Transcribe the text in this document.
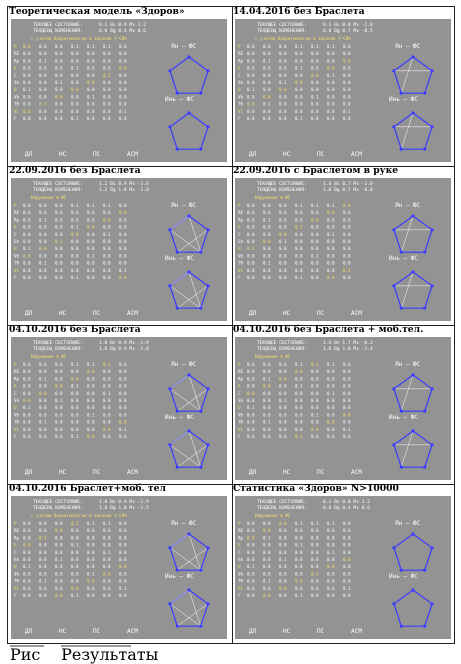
Теоретическая модель «Здоров»
ТЕКУЩЕЕ СОСТОЯНИЕ:	0.1 Bs 0.9 Mx 1.2
ТЕНДЕНЦ ИЗМЕНЕНИЯ:	0.0 Bg 0.4 Mx 0.6
с учетом биоритмологии и законов У-СИН
P 0.0 0.0 0.0 0.1 0.1 0.1 0.0
RE 0.0 0.0 0.0 0.0 0.0 0.0 0.0
Rp 0.0 0.1 0.0 0.0 0.0 0.0 0.0
E 0.0 0.0 0.0 0.1 0.0 0.0 0.0
C 0.0 0.0 0.0 0.0 0.0 0.1 0.0
Sh 0.0 0.0 0.1 0.0 0.0 0.0 0.0
U 0.1 0.0 0.0 0.0 0.0 0.0 0.0
Vb 0.0 0.0 0.0 0.0 0.1 0.0 0.0
TR 0.0 0.1 0.0 0.0 0.0 0.0 0.0
Vi 0.0 0.0 0.0 0.0 0.0 0.0 0.1
F 0.0 0.0 0.0 0.1 0.0 0.0 0.0
Ян — ФС
Инь — ФС
ДЛ	НС	ПС	АСМ
14.04.2016 без Браслета
ТЕКУЩЕЕ СОСТОЯНИЕ:	0.1 Bs 0.8 Mx -2.0
ТЕНДЕНЦ ИЗМЕНЕНИЯ:	0.8 Bg 0.7 Mx -0.5
с учетом биоритмологии и законов У-СИН
P 0.0 0.0 0.0 0.1 0.1 0.1 0.0
RE 0.0 0.0 0.0 0.0 0.0 0.0 0.0
Rp 0.0 0.1 0.0 0.0 0.0 0.0 0.0
E 0.0 0.0 0.0 0.1 0.0 0.0 0.0
C 0.0 0.0 0.0 0.0 0.0 0.1 0.0
Sh 0.0 0.0 0.1 0.0 0.0 0.0 0.0
U 0.1 0.0 0.0 0.0 0.0 0.0 0.0
Vb 0.0 0.0 0.0 0.0 0.1 0.0 0.0
TR 0.0 0.1 0.0 0.0 0.0 0.0 0.0
Vi 0.0 0.0 0.0 0.0 0.0 0.0 0.1
F 0.0 0.0 0.0 0.1 0.0 0.0 0.0
Ян — ФС
Инь — ФС
ДЛ	НС	ПС	АСМ
22.09.2016 без Браслета
ТЕКУЩЕЕ СОСТОЯНИЕ:	1.2 Bs 0.9 Mx -2.6
ТЕНДЕНЦ ИЗМЕНЕНИЯ:	1.2 Bg 1.0 Mx -1.0
Нарушения в ФС
P 0.0 0.0 0.0 0.1 0.1 0.1 0.0
RE 0.0 0.0 0.0 0.0 0.0 0.0 0.0
Rp 0.0 0.1 0.0 0.0 0.0 0.0 0.0
E 0.0 0.0 0.0 0.1 0.0 0.0 0.0
C 0.0 0.0 0.0 0.0 0.0 0.1 0.0
Sh 0.0 0.0 0.1 0.0 0.0 0.0 0.0
U 0.1 0.0 0.0 0.0 0.0 0.0 0.0
Vb 0.0 0.0 0.0 0.0 0.1 0.0 0.0
TR 0.0 0.1 0.0 0.0 0.0 0.0 0.0
Vi 0.0 0.0 0.0 0.0 0.0 0.0 0.1
F 0.0 0.0 0.0 0.1 0.0 0.0 0.0
Ян — ФС
Инь — ФС
ДЛ	НС	ПС	АСМ
22.09.2016 с Браслетом в руке
ТЕКУЩЕЕ СОСТОЯНИЕ:	1.4 Bs 0.7 Mx -2.0
ТЕНДЕНЦ ИЗМЕНЕНИЯ:	1.0 Bg 0.7 Mx -0.8
Нарушения в ФС
P 0.0 0.0 0.0 0.1 0.1 0.1 0.0
RE 0.0 0.0 0.0 0.0 0.0 0.0 0.0
Rp 0.0 0.1 0.0 0.0 0.0 0.0 0.0
E 0.0 0.0 0.0 0.1 0.0 0.0 0.0
C 0.0 0.0 0.0 0.0 0.0 0.1 0.0
Sh 0.0 0.0 0.1 0.0 0.0 0.0 0.0
U 0.1 0.0 0.0 0.0 0.0 0.0 0.0
Vb 0.0 0.0 0.0 0.0 0.1 0.0 0.0
TR 0.0 0.1 0.0 0.0 0.0 0.0 0.0
Vi 0.0 0.0 0.0 0.0 0.0 0.0 0.1
F 0.0 0.0 0.0 0.1 0.0 0.0 0.0
Ян — ФС
Инь — ФС
ДЛ	НС	ПС	АСМ
04.10.2016 без Браслета
ТЕКУЩЕЕ СОСТОЯНИЕ:	1.0 Bs 0.9 Mx -1.9
ТЕНДЕНЦ ИЗМЕНЕНИЯ:	1.0 Bg 0.9 Mx -1.0
Нарушения в ФС
P 0.0 0.0 0.0 0.1 0.1 0.1 0.0
RE 0.0 0.0 0.0 0.0 0.0 0.0 0.0
Rp 0.0 0.1 0.0 0.0 0.0 0.0 0.0
E 0.0 0.0 0.0 0.1 0.0 0.0 0.0
C 0.0 0.0 0.0 0.0 0.0 0.1 0.0
Sh 0.0 0.0 0.1 0.0 0.0 0.0 0.0
U 0.1 0.0 0.0 0.0 0.0 0.0 0.0
Vb 0.0 0.0 0.0 0.0 0.1 0.0 0.0
TR 0.0 0.1 0.0 0.0 0.0 0.0 0.0
Vi 0.0 0.0 0.0 0.0 0.0 0.0 0.1
F 0.0 0.0 0.0 0.1 0.0 0.0 0.0
Ян — ФС
Инь — ФС
ДЛ	НС	ПС	АСМ
04.10.2016 без Браслета + моб.тел.
ТЕКУЩЕЕ СОСТОЯНИЕ:	1.4 Bs 1.7 Mx -6.2
ТЕНДЕНЦ ИЗМЕНЕНИЯ:	1.0 Bg 1.0 Mx -2.4
Нарушения в ФС
P 0.0 0.0 0.0 0.1 0.1 0.1 0.0
RE 0.0 0.0 0.0 0.0 0.0 0.0 0.0
Rp 0.0 0.1 0.0 0.0 0.0 0.0 0.0
E 0.0 0.0 0.0 0.1 0.0 0.0 0.0
C 0.0 0.0 0.0 0.0 0.0 0.1 0.0
Sh 0.0 0.0 0.1 0.0 0.0 0.0 0.0
U 0.1 0.0 0.0 0.0 0.0 0.0 0.0
Vb 0.0 0.0 0.0 0.0 0.1 0.0 0.0
TR 0.0 0.1 0.0 0.0 0.0 0.0 0.0
Vi 0.0 0.0 0.0 0.0 0.0 0.0 0.1
F 0.0 0.0 0.0 0.1 0.0 0.0 0.0
Ян — ФС
Инь — ФС
ДЛ	НС	ПС	АСМ
04.10.2016 Браслет+моб. тел
ТЕКУЩЕЕ СОСТОЯНИЕ:	1.0 Bs 0.9 Mx -1.9
ТЕНДЕНЦ ИЗМЕНЕНИЯ:	1.0 Bg 1.0 Mx -1.5
с учетом биоритмологии и законов У-СИН
P 0.0 0.0 0.0 0.1 0.1 0.1 0.0
RE 0.0 0.0 0.0 0.0 0.0 0.0 0.0
Rp 0.0 0.1 0.0 0.0 0.0 0.0 0.0
E 0.0 0.0 0.0 0.1 0.0 0.0 0.0
C 0.0 0.0 0.0 0.0 0.0 0.1 0.0
Sh 0.0 0.0 0.1 0.0 0.0 0.0 0.0
U 0.1 0.0 0.0 0.0 0.0 0.0 0.0
Vb 0.0 0.0 0.0 0.0 0.1 0.0 0.0
TR 0.0 0.1 0.0 0.0 0.0 0.0 0.0
Vi 0.0 0.0 0.0 0.0 0.0 0.0 0.1
F 0.0 0.0 0.0 0.1 0.0 0.0 0.0
Ян — ФС
Инь — ФС
ДЛ	НС	ПС	АСМ
Статистика «Здоров» N>10000
ТЕКУЩЕЕ СОСТОЯНИЕ:	0.1 Bs 0.8 Mx 1.2
ТЕНДЕНЦ ИЗМЕНЕНИЯ:	0.0 Bg 0.4 Mx 0.6
Нарушения в ФС
P 0.0 0.0 0.0 0.1 0.1 0.1 0.0
RE 0.0 0.0 0.0 0.0 0.0 0.0 0.0
Rp 0.0 0.1 0.0 0.0 0.0 0.0 0.0
E 0.0 0.0 0.0 0.1 0.0 0.0 0.0
C 0.0 0.0 0.0 0.0 0.0 0.1 0.0
Sh 0.0 0.0 0.1 0.0 0.0 0.0 0.0
U 0.1 0.0 0.0 0.0 0.0 0.0 0.0
Vb 0.0 0.0 0.0 0.0 0.1 0.0 0.0
TR 0.0 0.1 0.0 0.0 0.0 0.0 0.0
Vi 0.0 0.0 0.0 0.0 0.0 0.0 0.1
F 0.0 0.0 0.0 0.1 0.0 0.0 0.0
Ян — ФС
Инь — ФС
ДЛ	НС	ПС	АСМ
Рис Результаты
